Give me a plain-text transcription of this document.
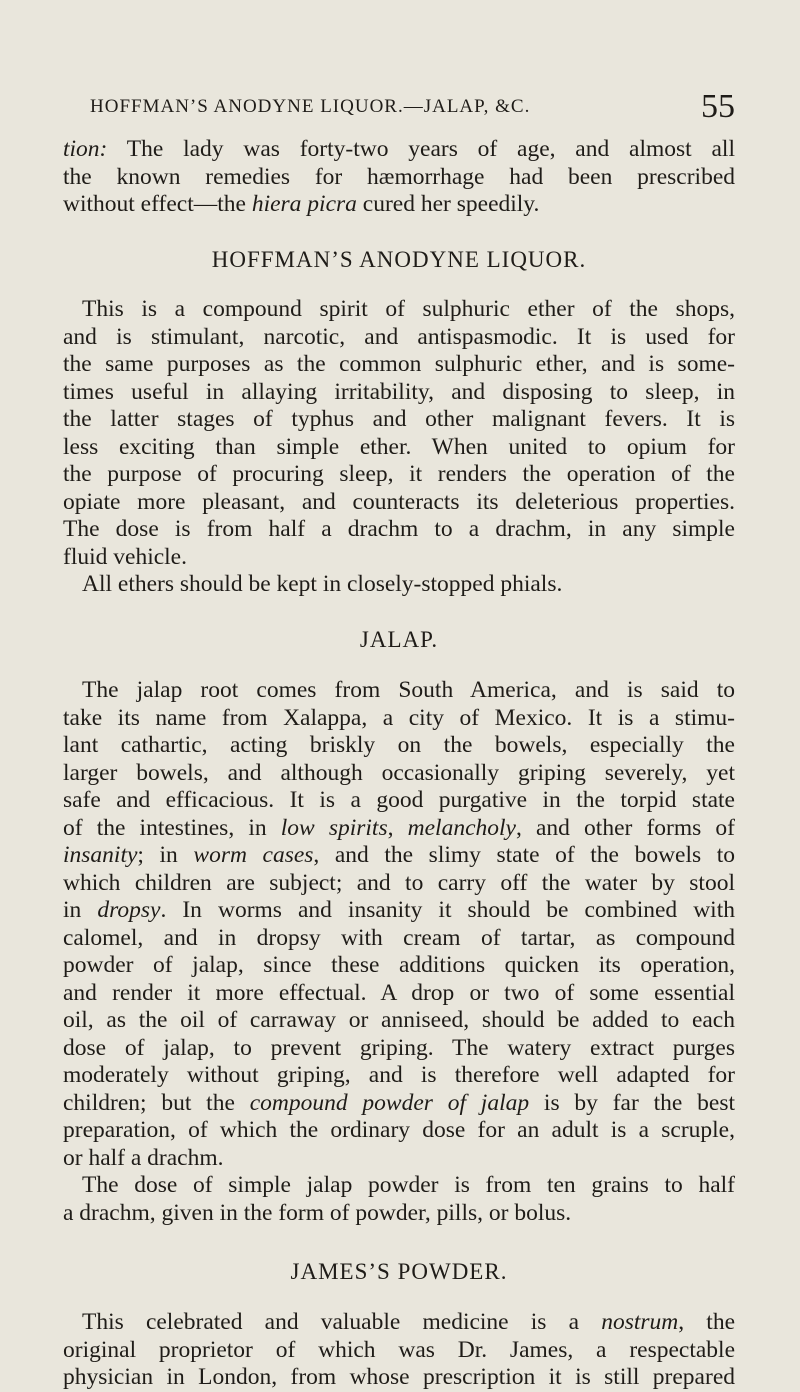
HOFFMAN’S ANODYNE LIQUOR.—JALAP, &C.	55
tion: The lady was forty-two years of age, and almost all
the known remedies for hæmorrhage had been prescribed
without effect—the hiera picra cured her speedily.
HOFFMAN’S ANODYNE LIQUOR.
This is a compound spirit of sulphuric ether of the shops,
and is stimulant, narcotic, and antispasmodic. It is used for
the same purposes as the common sulphuric ether, and is some-
times useful in allaying irritability, and disposing to sleep, in
the latter stages of typhus and other malignant fevers. It is
less exciting than simple ether. When united to opium for
the purpose of procuring sleep, it renders the operation of the
opiate more pleasant, and counteracts its deleterious properties.
The dose is from half a drachm to a drachm, in any simple
fluid vehicle.
All ethers should be kept in closely-stopped phials.
JALAP.
The jalap root comes from South America, and is said to
take its name from Xalappa, a city of Mexico. It is a stimu-
lant cathartic, acting briskly on the bowels, especially the
larger bowels, and although occasionally griping severely, yet
safe and efficacious. It is a good purgative in the torpid state
of the intestines, in low spirits, melancholy, and other forms of
insanity; in worm cases, and the slimy state of the bowels to
which children are subject; and to carry off the water by stool
in dropsy. In worms and insanity it should be combined with
calomel, and in dropsy with cream of tartar, as compound
powder of jalap, since these additions quicken its operation,
and render it more effectual. A drop or two of some essential
oil, as the oil of carraway or anniseed, should be added to each
dose of jalap, to prevent griping. The watery extract purges
moderately without griping, and is therefore well adapted for
children; but the compound powder of jalap is by far the best
preparation, of which the ordinary dose for an adult is a scruple,
or half a drachm.
The dose of simple jalap powder is from ten grains to half
a drachm, given in the form of powder, pills, or bolus.
JAMES’S POWDER.
This celebrated and valuable medicine is a nostrum, the
original proprietor of which was Dr. James, a respectable
physician in London, from whose prescription it is still prepared
